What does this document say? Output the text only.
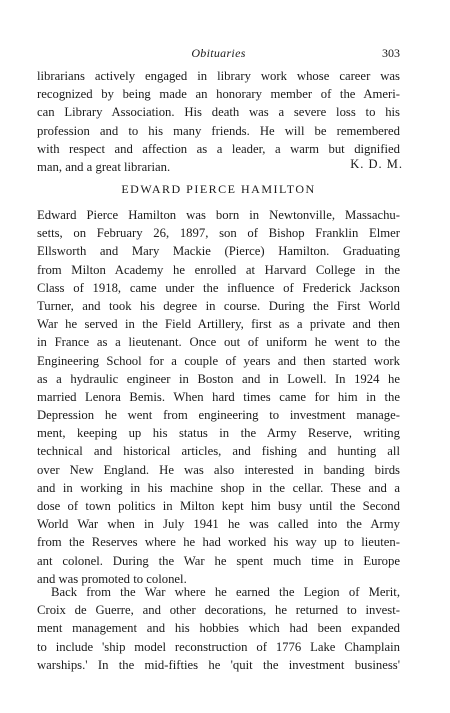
Obituaries	303
librarians actively engaged in library work whose career was
recognized by being made an honorary member of the Ameri-
can Library Association. His death was a severe loss to his
profession and to his many friends. He will be remembered
with respect and affection as a leader, a warm but dignified
man, and a great librarian.	K. D. M.
EDWARD PIERCE HAMILTON
Edward Pierce Hamilton was born in Newtonville, Massachu-
setts, on February 26, 1897, son of Bishop Franklin Elmer
Ellsworth and Mary Mackie (Pierce) Hamilton. Graduating
from Milton Academy he enrolled at Harvard College in the
Class of 1918, came under the influence of Frederick Jackson
Turner, and took his degree in course. During the First World
War he served in the Field Artillery, first as a private and then
in France as a lieutenant. Once out of uniform he went to the
Engineering School for a couple of years and then started work
as a hydraulic engineer in Boston and in Lowell. In 1924 he
married Lenora Bemis. When hard times came for him in the
Depression he went from engineering to investment manage-
ment, keeping up his status in the Army Reserve, writing
technical and historical articles, and fishing and hunting all
over New England. He was also interested in banding birds
and in working in his machine shop in the cellar. These and a
dose of town politics in Milton kept him busy until the Second
World War when in July 1941 he was called into the Army
from the Reserves where he had worked his way up to lieuten-
ant colonel. During the War he spent much time in Europe
and was promoted to colonel.
Back from the War where he earned the Legion of Merit,
Croix de Guerre, and other decorations, he returned to invest-
ment management and his hobbies which had been expanded
to include 'ship model reconstruction of 1776 Lake Champlain
warships.' In the mid-fifties he 'quit the investment business'
